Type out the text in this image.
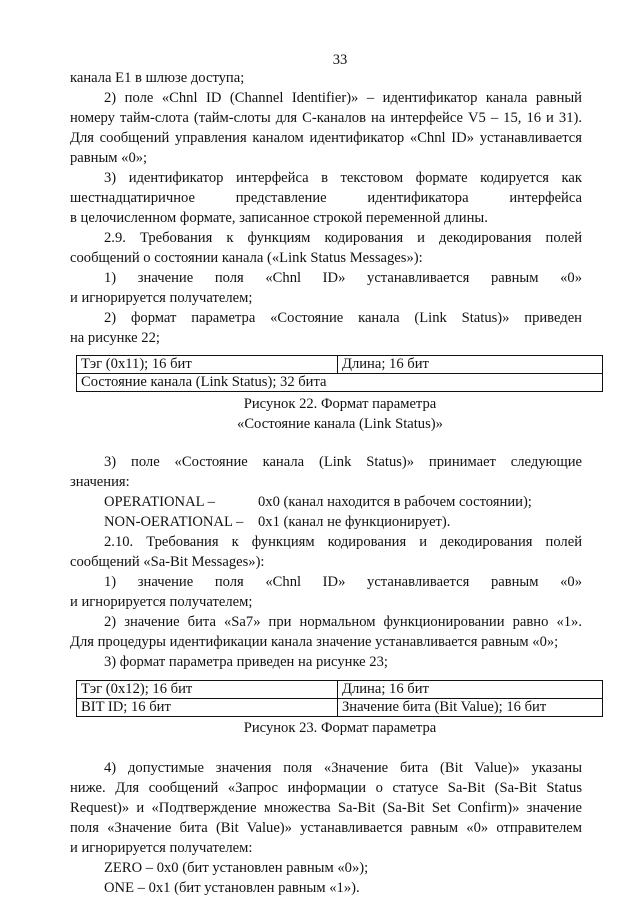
33
канала E1 в шлюзе доступа;
2) поле «Chnl ID (Channel Identifier)» – идентификатор канала равный
номеру тайм-слота (тайм-слоты для C-каналов на интерфейсе V5 – 15, 16 и 31).
Для сообщений управления каналом идентификатор «Chnl ID» устанавливается
равным «0»;
3) идентификатор интерфейса в текстовом формате кодируется как
шестнадцатиричное представление идентификатора интерфейса
в целочисленном формате, записанное строкой переменной длины.
2.9. Требования к функциям кодирования и декодирования полей
сообщений о состоянии канала («Link Status Messages»):
1) значение поля «Chnl ID» устанавливается равным «0»
и игнорируется получателем;
2) формат параметра «Состояние канала (Link Status)» приведен
на рисунке 22;
Тэг (0x11); 16 бит	Длина; 16 бит
Состояние канала (Link Status); 32 бита
Рисунок 22. Формат параметра
«Состояние канала (Link Status)»
3) поле «Состояние канала (Link Status)» принимает следующие
значения:
OPERATIONAL –	0x0 (канал находится в рабочем состоянии);
NON-OERATIONAL –	0x1 (канал не функционирует).
2.10. Требования к функциям кодирования и декодирования полей
сообщений «Sa-Bit Messages»):
1) значение поля «Chnl ID» устанавливается равным «0»
и игнорируется получателем;
2) значение бита «Sa7» при нормальном функционировании равно «1».
Для процедуры идентификации канала значение устанавливается равным «0»;
3) формат параметра приведен на рисунке 23;
Тэг (0x12); 16 бит	Длина; 16 бит
BIT ID; 16 бит	Значение бита (Bit Value); 16 бит
Рисунок 23. Формат параметра
4) допустимые значения поля «Значение бита (Bit Value)» указаны
ниже. Для сообщений «Запрос информации о статусе Sa-Bit (Sa-Bit Status
Request)» и «Подтверждение множества Sa-Bit (Sa-Bit Set Confirm)» значение
поля «Значение бита (Bit Value)» устанавливается равным «0» отправителем
и игнорируется получателем:
ZERO – 0x0 (бит установлен равным «0»);
ONE – 0x1 (бит установлен равным «1»).
